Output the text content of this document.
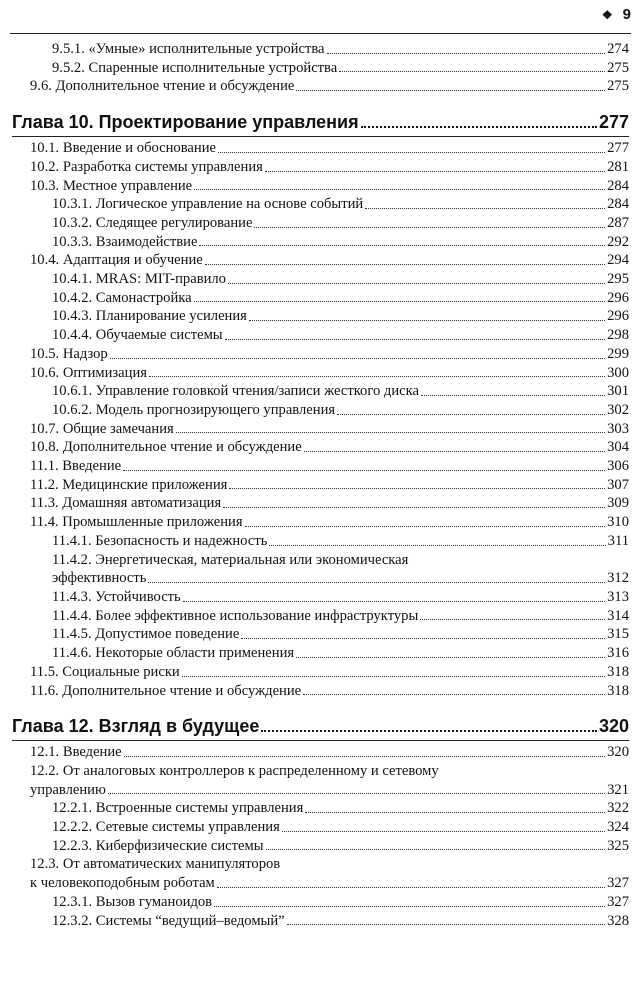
❖ 9
9.5.1. «Умные» исполнительные устройства	274
9.5.2. Спаренные исполнительные устройства	275
9.6. Дополнительное чтение и обсуждение	275
Глава 10. Проектирование управления	277
10.1. Введение и обоснование	277
10.2. Разработка системы управления	281
10.3. Местное управление	284
10.3.1. Логическое управление на основе событий	284
10.3.2. Следящее регулирование	287
10.3.3. Взаимодействие	292
10.4. Адаптация и обучение	294
10.4.1. MRAS: MIT-правило	295
10.4.2. Самонастройка	296
10.4.3. Планирование усиления	296
10.4.4. Обучаемые системы	298
10.5. Надзор	299
10.6. Оптимизация	300
10.6.1. Управление головкой чтения/записи жесткого диска	301
10.6.2. Модель прогнозирующего управления	302
10.7. Общие замечания	303
10.8. Дополнительное чтение и обсуждение	304
11.1. Введение	306
11.2. Медицинские приложения	307
11.3. Домашняя автоматизация	309
11.4. Промышленные приложения	310
11.4.1. Безопасность и надежность	311
11.4.2. Энергетическая, материальная или экономическая
эффективность	312
11.4.3. Устойчивость	313
11.4.4. Более эффективное использование инфраструктуры	314
11.4.5. Допустимое поведение	315
11.4.6. Некоторые области применения	316
11.5. Социальные риски	318
11.6. Дополнительное чтение и обсуждение	318
Глава 12. Взгляд в будущее	320
12.1. Введение	320
12.2. От аналоговых контроллеров к распределенному и сетевому
управлению	321
12.2.1. Встроенные системы управления	322
12.2.2. Сетевые системы управления	324
12.2.3. Киберфизические системы	325
12.3. От автоматических манипуляторов
к человекоподобным роботам	327
12.3.1. Вызов гуманоидов	327
12.3.2. Системы “ведущий–ведомый”	328
